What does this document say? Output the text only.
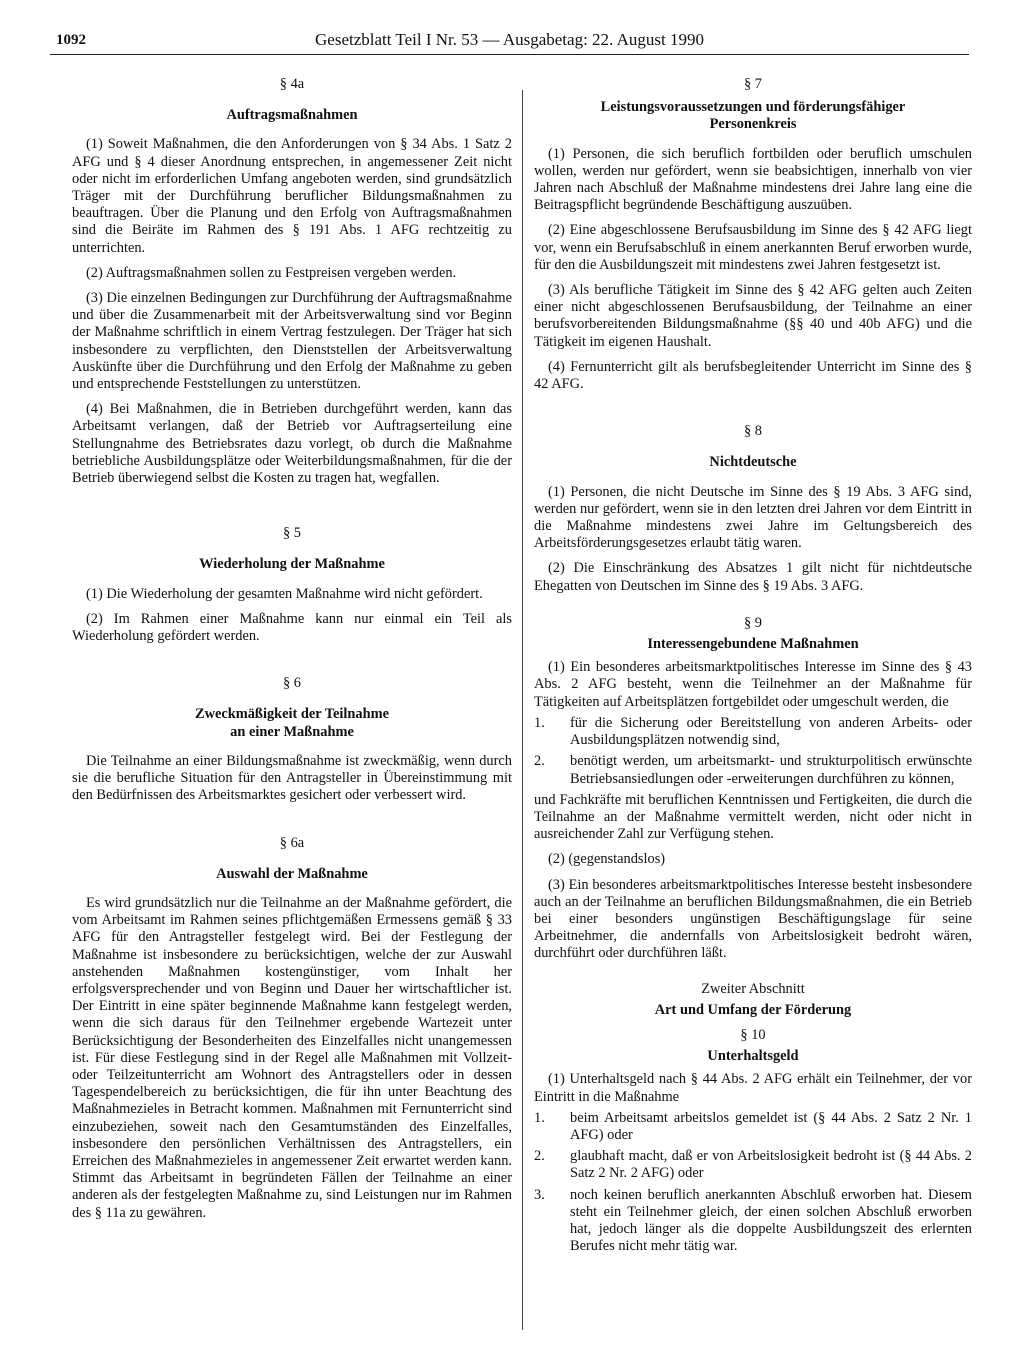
1092	Gesetzblatt Teil I Nr. 53 — Ausgabetag: 22. August 1990
§ 4a
Auftragsmaßnahmen

(1) Soweit Maßnahmen, die den Anforderungen von § 34 Abs. 1 Satz 2 AFG und § 4 dieser Anordnung entsprechen, in angemessener Zeit nicht oder nicht im erforderlichen Umfang angeboten werden, sind grundsätzlich Träger mit der Durchführung beruflicher Bildungsmaßnahmen zu beauftragen. Über die Planung und den Erfolg von Auftragsmaßnahmen sind die Beiräte im Rahmen des § 191 Abs. 1 AFG rechtzeitig zu unterrichten.

(2) Auftragsmaßnahmen sollen zu Festpreisen vergeben werden.

(3) Die einzelnen Bedingungen zur Durchführung der Auftragsmaßnahme und über die Zusammenarbeit mit der Arbeitsverwaltung sind vor Beginn der Maßnahme schriftlich in einem Vertrag festzulegen. Der Träger hat sich insbesondere zu verpflichten, den Dienststellen der Arbeitsverwaltung Auskünfte über die Durchführung und den Erfolg der Maßnahme zu geben und entsprechende Feststellungen zu unterstützen.

(4) Bei Maßnahmen, die in Betrieben durchgeführt werden, kann das Arbeitsamt verlangen, daß der Betrieb vor Auftragserteilung eine Stellungnahme des Betriebsrates dazu vorlegt, ob durch die Maßnahme betriebliche Ausbildungsplätze oder Weiterbildungsmaßnahmen, für die der Betrieb überwiegend selbst die Kosten zu tragen hat, wegfallen.

§ 5
Wiederholung der Maßnahme

(1) Die Wiederholung der gesamten Maßnahme wird nicht gefördert.

(2) Im Rahmen einer Maßnahme kann nur einmal ein Teil als Wiederholung gefördert werden.

§ 6
Zweckmäßigkeit der Teilnahme
an einer Maßnahme

Die Teilnahme an einer Bildungsmaßnahme ist zweckmäßig, wenn durch sie die berufliche Situation für den Antragsteller in Übereinstimmung mit den Bedürfnissen des Arbeitsmarktes gesichert oder verbessert wird.

§ 6a
Auswahl der Maßnahme

Es wird grundsätzlich nur die Teilnahme an der Maßnahme gefördert, die vom Arbeitsamt im Rahmen seines pflichtgemäßen Ermessens gemäß § 33 AFG für den Antragsteller festgelegt wird. Bei der Festlegung der Maßnahme ist insbesondere zu berücksichtigen, welche der zur Auswahl anstehenden Maßnahmen kostengünstiger, vom Inhalt her erfolgsversprechender und von Beginn und Dauer her wirtschaftlicher ist. Der Eintritt in eine später beginnende Maßnahme kann festgelegt werden, wenn die sich daraus für den Teilnehmer ergebende Wartezeit unter Berücksichtigung der Besonderheiten des Einzelfalles nicht unangemessen ist. Für diese Festlegung sind in der Regel alle Maßnahmen mit Vollzeit- oder Teilzeitunterricht am Wohnort des Antragstellers oder in dessen Tagespendelbereich zu berücksichtigen, die für ihn unter Beachtung des Maßnahmezieles in Betracht kommen. Maßnahmen mit Fernunterricht sind einzubeziehen, soweit nach den Gesamtumständen des Einzelfalles, insbesondere den persönlichen Verhältnissen des Antragstellers, ein Erreichen des Maßnahmezieles in angemessener Zeit erwartet werden kann. Stimmt das Arbeitsamt in begründeten Fällen der Teilnahme an einer anderen als der festgelegten Maßnahme zu, sind Leistungen nur im Rahmen des § 11a zu gewähren.

§ 7
Leistungsvoraussetzungen und förderungsfähiger
Personenkreis

(1) Personen, die sich beruflich fortbilden oder beruflich umschulen wollen, werden nur gefördert, wenn sie beabsichtigen, innerhalb von vier Jahren nach Abschluß der Maßnahme mindestens drei Jahre lang eine die Beitragspflicht begründende Beschäftigung auszuüben.

(2) Eine abgeschlossene Berufsausbildung im Sinne des § 42 AFG liegt vor, wenn ein Berufsabschluß in einem anerkannten Beruf erworben wurde, für den die Ausbildungszeit mit mindestens zwei Jahren festgesetzt ist.

(3) Als berufliche Tätigkeit im Sinne des § 42 AFG gelten auch Zeiten einer nicht abgeschlossenen Berufsausbildung, der Teilnahme an einer berufsvorbereitenden Bildungsmaßnahme (§§ 40 und 40b AFG) und die Tätigkeit im eigenen Haushalt.

(4) Fernunterricht gilt als berufsbegleitender Unterricht im Sinne des § 42 AFG.

§ 8
Nichtdeutsche

(1) Personen, die nicht Deutsche im Sinne des § 19 Abs. 3 AFG sind, werden nur gefördert, wenn sie in den letzten drei Jahren vor dem Eintritt in die Maßnahme mindestens zwei Jahre im Geltungsbereich des Arbeitsförderungsgesetzes erlaubt tätig waren.

(2) Die Einschränkung des Absatzes 1 gilt nicht für nichtdeutsche Ehegatten von Deutschen im Sinne des § 19 Abs. 3 AFG.

§ 9
Interessengebundene Maßnahmen

(1) Ein besonderes arbeitsmarktpolitisches Interesse im Sinne des § 43 Abs. 2 AFG besteht, wenn die Teilnehmer an der Maßnahme für Tätigkeiten auf Arbeitsplätzen fortgebildet oder umgeschult werden, die

1.	für die Sicherung oder Bereitstellung von anderen Arbeits- oder Ausbildungsplätzen notwendig sind,
2.	benötigt werden, um arbeitsmarkt- und strukturpolitisch erwünschte Betriebsansiedlungen oder -erweiterungen durchführen zu können,

und Fachkräfte mit beruflichen Kenntnissen und Fertigkeiten, die durch die Teilnahme an der Maßnahme vermittelt werden, nicht oder nicht in ausreichender Zahl zur Verfügung stehen.

(2) (gegenstandslos)

(3) Ein besonderes arbeitsmarktpolitisches Interesse besteht insbesondere auch an der Teilnahme an beruflichen Bildungsmaßnahmen, die ein Betrieb bei einer besonders ungünstigen Beschäftigungslage für seine Arbeitnehmer, die andernfalls von Arbeitslosigkeit bedroht wären, durchführt oder durchführen läßt.

Zweiter Abschnitt
Art und Umfang der Förderung
§ 10
Unterhaltsgeld

(1) Unterhaltsgeld nach § 44 Abs. 2 AFG erhält ein Teilnehmer, der vor Eintritt in die Maßnahme

1.	beim Arbeitsamt arbeitslos gemeldet ist (§ 44 Abs. 2 Satz 2 Nr. 1 AFG) oder
2.	glaubhaft macht, daß er von Arbeitslosigkeit bedroht ist (§ 44 Abs. 2 Satz 2 Nr. 2 AFG) oder
3.	noch keinen beruflich anerkannten Abschluß erworben hat. Diesem steht ein Teilnehmer gleich, der einen solchen Abschluß erworben hat, jedoch länger als die doppelte Ausbildungszeit des erlernten Berufes nicht mehr tätig war.
